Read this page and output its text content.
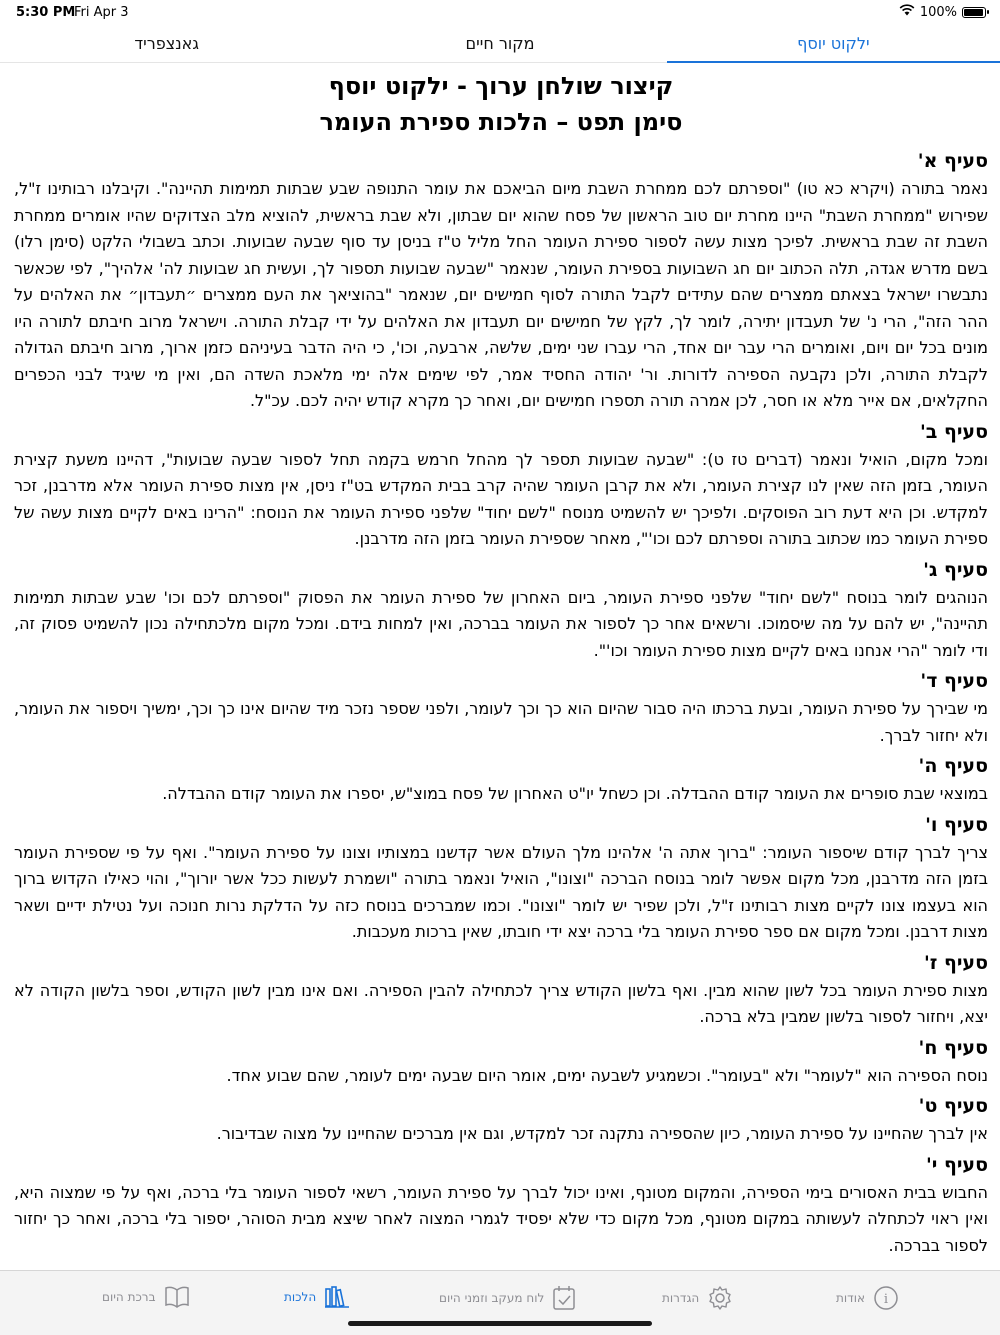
5:30 PM
Fri Apr 3	100%
ילקוט יוסף
מקור חיים
גאנצפריד
קיצור שולחן ערוך - ילקוט יוסף
סימן תפט – הלכות ספירת העומר
סעיף א'

נאמר בתורה (ויקרא כא טו) "וספרתם לכם ממחרת השבת מיום הביאכם את עומר התנופה שבע שבתות תמימות תהיינה". וקיבלנו רבותינו ז"ל, שפירוש "ממחרת השבת" היינו מחרת יום טוב הראשון של פסח שהוא יום שבתון, ולא שבת בראשית, להוציא מלב הצדוקים שהיו אומרים ממחרת השבת זה שבת בראשית. לפיכך מצות עשה לספור ספירת העומר החל מליל ט"ז בניסן עד סוף שבעה שבועות. וכתב בשבולי הלקט (סימן רלו) בשם מדרש אגדה, תלה הכתוב יום חג השבועות בספירת העומר, שנאמר "שבעה שבועות תספור לך, ועשית חג שבועות לה' אלהיך", לפי שכאשר נתבשרו ישראל בצאתם ממצרים שהם עתידים לקבל התורה לסוף חמישים יום, שנאמר "בהוציאך את העם ממצרים ״תעבדון״ את האלהים על ההר הזה", הרי נ' של תעבדון יתירה, לומר לך, לקץ של חמישים יום תעבדון את האלהים על ידי קבלת התורה. וישראל מרוב חיבתם לתורה היו מונים בכל יום ויום, ואומרים הרי עבר יום אחד, הרי עברו שני ימים, שלשה, ארבעה, וכו', כי היה הדבר בעיניהם כזמן ארוך, מרוב חיבתם הגדולה לקבלת התורה, ולכן נקבעה הספירה לדורות. ור' יהודה החסיד אמר, לפי שימים אלה ימי מלאכת השדה הם, ואין מי שיגיד לבני הכפרים החקלאים, אם אייר מלא או חסר, לכן אמרה תורה תספרו חמישים יום, ואחר כך מקרא קודש יהיה לכם. עכ"ל.

סעיף ב'

ומכל מקום, הואיל ונאמר (דברים טז ט): "שבעה שבועות תספר לך מהחל חרמש בקמה תחל לספור שבעה שבועות", דהיינו משעת קצירת העומר, בזמן הזה שאין לנו קצירת העומר, ולא את קרבן העומר שהיה קרב בבית המקדש בט"ז ניסן, אין מצות ספירת העומר אלא מדרבנן, זכר למקדש. וכן היא דעת רוב הפוסקים. ולפיכך יש להשמיט מנוסח "לשם יחוד" שלפני ספירת העומר את הנוסח: "הרינו באים לקיים מצות עשה של ספירת העומר כמו שכתוב בתורה וספרתם לכם וכו'", מאחר שספירת העומר בזמן הזה מדרבנן.

סעיף ג'

הנוהגים לומר בנוסח "לשם יחוד" שלפני ספירת העומר, ביום האחרון של ספירת העומר את הפסוק "וספרתם לכם וכו' שבע שבתות תמימות תהיינה", יש להם על מה שיסמוכו. ורשאים אחר כך לספור את העומר בברכה, ואין למחות בידם. ומכל מקום מלכתחילה נכון להשמיט פסוק זה, ודי לומר "הרי אנחנו באים לקיים מצות ספירת העומר וכו'".

סעיף ד'

מי שבירך על ספירת העומר, ובעת ברכתו היה סבור שהיום הוא כך וכך לעומר, ולפני שספר נזכר מיד שהיום אינו כך וכך, ימשיך ויספור את העומר, ולא יחזור לברך.

סעיף ה'

במוצאי שבת סופרים את העומר קודם ההבדלה. וכן כשחל יו"ט האחרון של פסח במוצ"ש, יספרו את העומר קודם ההבדלה.

סעיף ו'

צריך לברך קודם שיספור העומר: "ברוך אתה ה' אלהינו מלך העולם אשר קדשנו במצותיו וצונו על ספירת העומר". ואף על פי שספירת העומר בזמן הזה מדרבנן, מכל מקום אפשר לומר בנוסח הברכה "וצונו", הואיל ונאמר בתורה "ושמרת לעשות ככל אשר יורוך", והוי כאילו הקדוש ברוך הוא בעצמו צונו לקיים מצות רבותינו ז"ל, ולכן שפיר יש לומר "וצונו". וכמו שמברכים בנוסח כזה על הדלקת נרות חנוכה ועל נטילת ידיים ושאר מצות דרבנן. ומכל מקום אם ספר ספירת העומר בלי ברכה יצא ידי חובתו, שאין ברכות מעכבות.

סעיף ז'

מצות ספירת העומר בכל לשון שהוא מבין. ואף בלשון הקודש צריך לכתחילה להבין הספירה. ואם אינו מבין לשון הקודש, וספר בלשון הקודה לא יצא, ויחזור לספור בלשון שמבין בלא ברכה.

סעיף ח'

נוסח הספירה הוא "לעומר" ולא "בעומר". וכשמגיע לשבעה ימים, אומר היום שבעה ימים לעומר, שהם שבוע אחד.

סעיף ט'

אין לברך שהחיינו על ספירת העומר, כיון שהספירה נתקנה זכר למקדש, וגם אין מברכים שהחיינו על מצוה שבדיבור.

סעיף י'

החבוש בבית האסורים בימי הספירה, והמקום מטונף, ואינו יכול לברך על ספירת העומר, רשאי לספור העומר בלי ברכה, ואף על פי שמצוה היא, ואין ראוי לכתחלה לעשותה במקום מטונף, מכל מקום כדי שלא יפסיד לגמרי המצוה לאחר שיצא מבית הסוהר, יספור בלי ברכה, ואחר כך יחזור לספור בברכה.

ברכת היום	הלכות	לוח מעקב וזמני היום	הגדרות	אודות i
